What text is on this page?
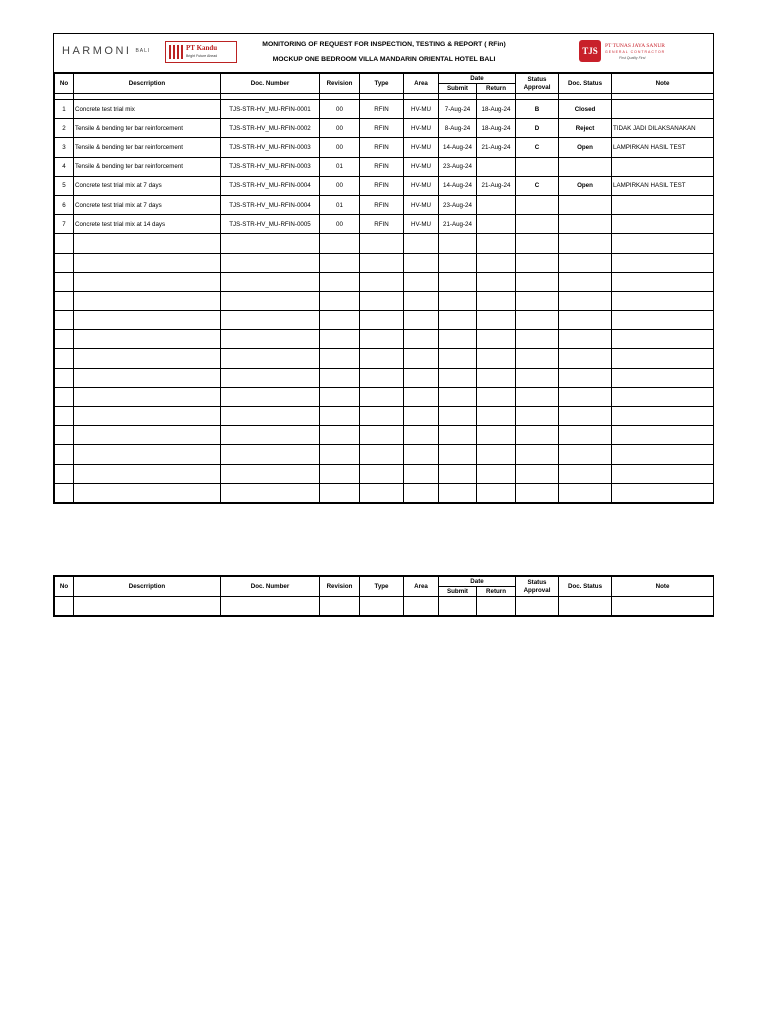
HARMONI BALI	PT Kandu
Bright Future Ahead
MONITORING OF REQUEST FOR INSPECTION, TESTING & REPORT ( RFin)
MOCKUP ONE BEDROOM VILLA MANDARIN ORIENTAL HOTEL BALI
TJS	PT TUNAS JAYA SANUR
GENERAL CONTRACTOR
First Quality First
No	Descrription	Doc. Number	Revision	Type	Area	Date		Status Approval	Doc. Status	Note
						Submit	Return			

1	Concrete test trial mix	TJS-STR-HV_MU-RFIN-0001	00	RFIN	HV-MU	7-Aug-24	18-Aug-24	B	Closed	
2	Tensile & bending ter bar reinforcement	TJS-STR-HV_MU-RFIN-0002	00	RFIN	HV-MU	8-Aug-24	18-Aug-24	D	Reject	TIDAK JADI DILAKSANAKAN
3	Tensile & bending ter bar reinforcement	TJS-STR-HV_MU-RFIN-0003	00	RFIN	HV-MU	14-Aug-24	21-Aug-24	C	Open	LAMPIRKAN HASIL TEST
4	Tensile & bending ter bar reinforcement	TJS-STR-HV_MU-RFIN-0003	01	RFIN	HV-MU	23-Aug-24				
5	Concrete test trial mix at 7 days	TJS-STR-HV_MU-RFIN-0004	00	RFIN	HV-MU	14-Aug-24	21-Aug-24	C	Open	LAMPIRKAN HASIL TEST
6	Concrete test trial mix at 7 days	TJS-STR-HV_MU-RFIN-0004	01	RFIN	HV-MU	23-Aug-24				
7	Concrete test trial mix at 14 days	TJS-STR-HV_MU-RFIN-0005	00	RFIN	HV-MU	21-Aug-24				

No	Descrription	Doc. Number	Revision	Type	Area	Date		Status Approval	Doc. Status	Note
						Submit	Return			
